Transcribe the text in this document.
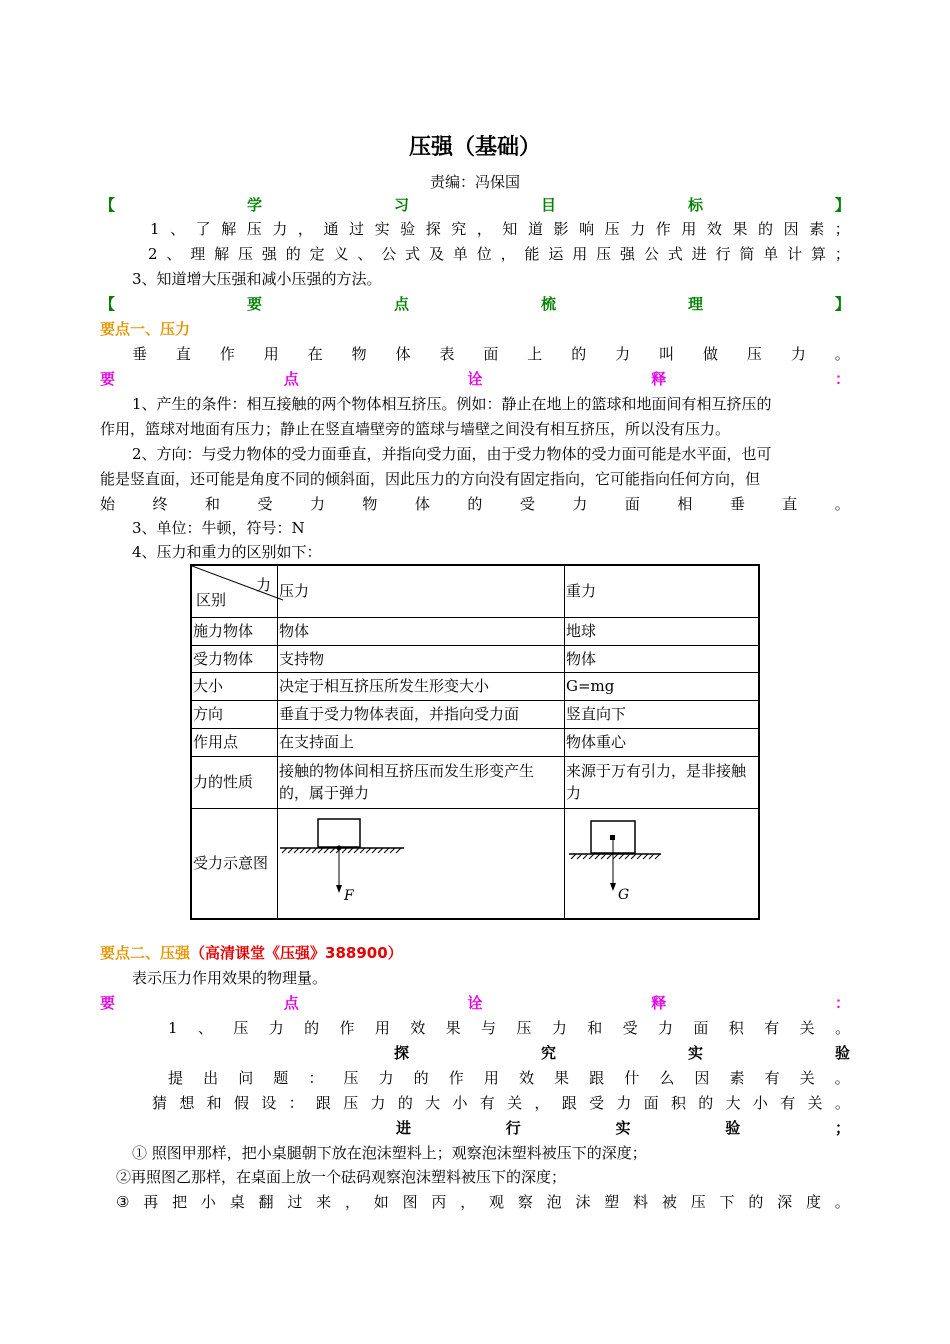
压强（基础）
责编：冯保国
【	学	习	目	标	】
1 、 了 解 压 力 ， 通 过 实 验 探 究 ， 知 道 影 响 压 力 作 用 效 果 的 因 素 ；
2 、 理 解 压 强 的 定 义 、 公 式 及 单 位 ， 能 运 用 压 强 公 式 进 行 简 单 计 算 ；
3、知道增大压强和减小压强的方法。
【	要	点	梳	理	】
要点一、压力
垂 直 作 用 在 物 体 表 面 上 的 力 叫 做 压 力 。
要	点	诠	释	：
1、产生的条件：相互接触的两个物体相互挤压。例如：静止在地上的篮球和地面间有相互挤压的
作用，篮球对地面有压力；静止在竖直墙壁旁的篮球与墙壁之间没有相互挤压，所以没有压力。
2、方向：与受力物体的受力面垂直，并指向受力面，由于受力物体的受力面可能是水平面，也可
能是竖直面，还可能是角度不同的倾斜面，因此压力的方向没有固定指向，它可能指向任何方向，但
始 终 和 受 力 物 体 的 受 力 面 相 垂 直 。
3、单位：牛顿，符号：N
4、压力和重力的区别如下：
力
区别	压力	重力
施力物体	物体	地球
受力物体	支持物	物体
大小	决定于相互挤压所发生形变大小	G=mg
方向	垂直于受力物体表面，并指向受力面	竖直向下
作用点	在支持面上	物体重心
力的性质	接触的物体间相互挤压而发生形变产生的，属于弹力	来源于万有引力，是非接触力
受力示意图	F	G
要点二、压强（高清课堂《压强》388900）
表示压力作用效果的物理量。
要	点	诠	释	：
1 、 压 力 的 作 用 效 果 与 压 力 和 受 力 面 积 有 关 。
探	究	实	验
提 出 问 题 ： 压 力 的 作 用 效 果 跟 什 么 因 素 有 关 。
猜 想 和 假 设 ： 跟 压 力 的 大 小 有 关 ， 跟 受 力 面 积 的 大 小 有 关 。
进	行	实	验	；
① 照图甲那样，把小桌腿朝下放在泡沫塑料上；观察泡沫塑料被压下的深度；
②再照图乙那样，在桌面上放一个砝码观察泡沫塑料被压下的深度；
③ 再 把 小 桌 翻 过 来 ， 如 图 丙 ， 观 察 泡 沫 塑 料 被 压 下 的 深 度 。
